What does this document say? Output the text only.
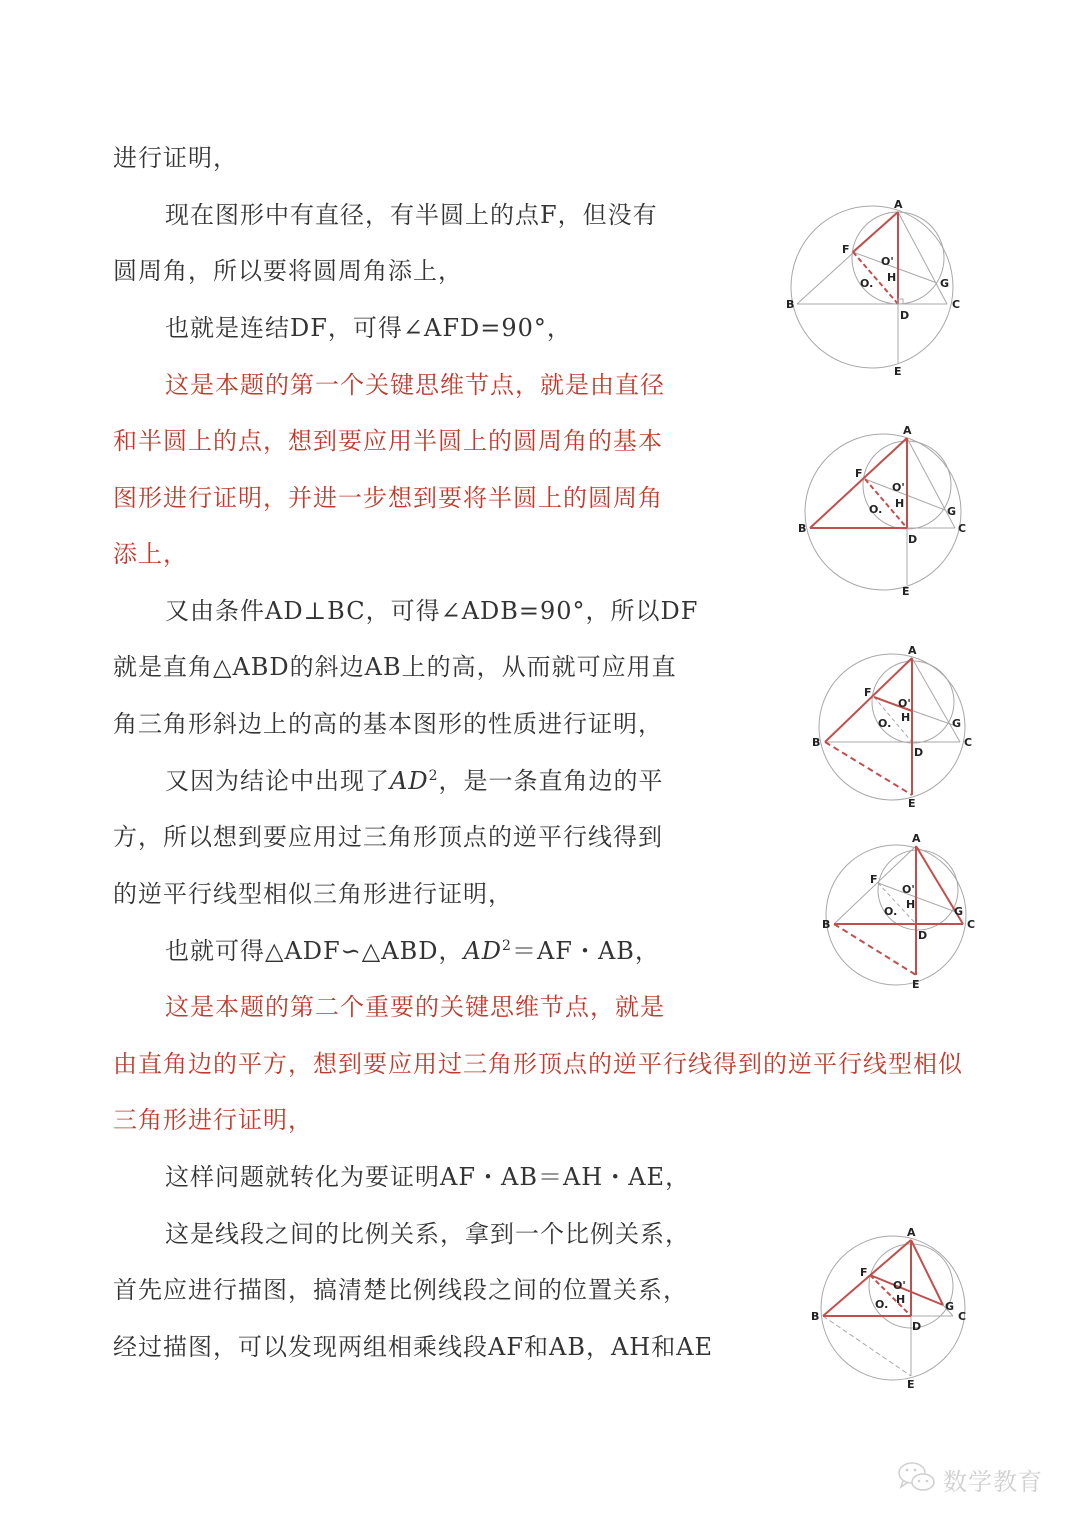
进行证明，
现在图形中有直径，有半圆上的点F，但没有
圆周角，所以要将圆周角添上，
也就是连结DF，可得∠AFD=90°，
这是本题的第一个关键思维节点，就是由直径
和半圆上的点，想到要应用半圆上的圆周角的基本
图形进行证明，并进一步想到要将半圆上的圆周角
添上，
又由条件AD⊥BC，可得∠ADB=90°，所以DF
就是直角△ABD的斜边AB上的高，从而就可应用直
角三角形斜边上的高的基本图形的性质进行证明，
又因为结论中出现了$AD^2$，是一条直角边的平
方，所以想到要应用过三角形顶点的逆平行线得到
的逆平行线型相似三角形进行证明，
也就可得△ADF∽△ABD，$AD^2=AF$・AB，
这是本题的第二个重要的关键思维节点，就是
由直角边的平方，想到要应用过三角形顶点的逆平行线得到的逆平行线型相似
三角形进行证明，
这样问题就转化为要证明AF・AB＝AH・AE，
这是线段之间的比例关系，拿到一个比例关系，
首先应进行描图，搞清楚比例线段之间的位置关系，
经过描图，可以发现两组相乘线段AF和AB，AH和AE
A
F
O'
H
O.	G
B
D
C
E
A
F
O'
H
O.	G
B
D
C
E
A
F
O'
H
O.	G
B
D
C
E
A
F
O'
H
O.	G
B
D
C
E
A
F
O'
H
O.	G
B
D
C
E
数学教育
